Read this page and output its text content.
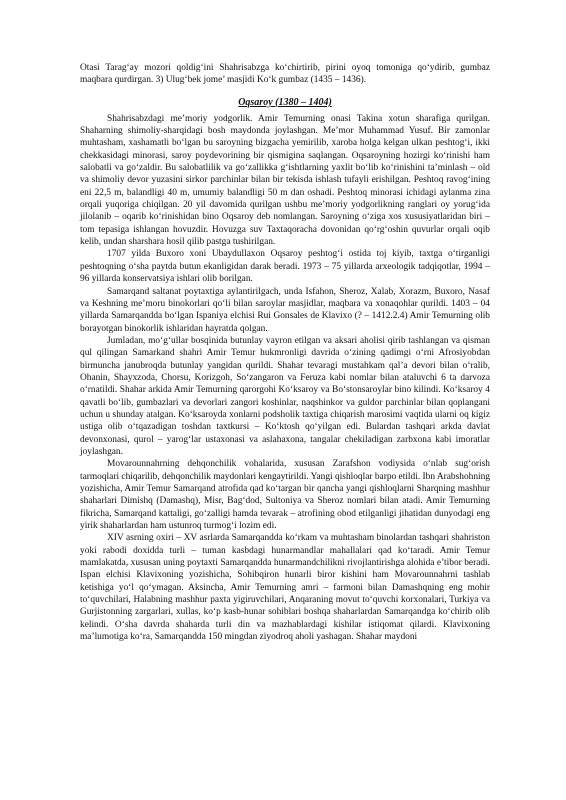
Otasi Tarag‘ay mozori qoldig‘ini Shahrisabzga ko‘chirtirib, pirini oyoq tomoniga qo‘ydirib, gumbaz maqbara qurdirgan. 3) Ulug‘bek jome’ masjidi Ko‘k gumbaz (1435 – 1436).

Oqsaroy (1380 – 1404)

Shahrisabzdagi me’moriy yodgorlik. Amir Temurning onasi Takina xotun sharafiga qurilgan. Shaharning shimoliy-sharqidagi bosh maydonda joylashgan. Me’mor Muhammad Yusuf. Bir zamonlar muhtasham, xashamatli bo‘lgan bu saroyning bizgacha yemirilib, xaroba holga kelgan ulkan peshtog‘i, ikki chekkasidagi minorasi, saroy poydevorining bir qismigina saqlangan. Oqsaroyning hozirgi ko‘rinishi ham salobatli va go‘zaldir. Bu salobatlilik va go‘zallikka g‘ishtlarning yaxlit bo‘lib ko‘rinishini ta’minlash – old va shimoliy devor yuzasini sirkor parchinlar bilan bir tekisda ishlash tufayli erishilgan. Peshtoq ravog‘ining eni 22,5 m, balandligi 40 m, umumiy balandligi 50 m dan oshadi. Peshtoq minorasi ichidagi aylanma zina orqali yuqoriga chiqilgan. 20 yil davomida qurilgan ushbu me’moriy yodgorlikning ranglari oy yorug‘ida jilolanib – oqarib ko‘rinishidan bino Oqsaroy deb nomlangan. Saroyning o‘ziga xos xususiyatlaridan biri – tom tepasiga ishlangan hovuzdir. Hovuzga suv Taxtaqoracha dovonidan qo‘rg‘oshin quvurlar orqali oqib kelib, undan sharshara hosil qilib pastga tushirilgan.

1707 yilda Buxoro xoni Ubaydullaxon Oqsaroy peshtog‘i ostida toj kiyib, taxtga o‘tirganligi peshtoqning o‘sha paytda butun ekanligidan darak beradi. 1973 – 75 yillarda arxeologik tadqiqotlar, 1994 – 96 yillarda konservatsiya ishlari olib borilgan.

Samarqand saltanat poytaxtiga aylantirilgach, unda Isfahon, Sheroz, Xalab, Xorazm, Buxoro, Nasaf va Keshning me’moru binokorlari qo‘li bilan saroylar masjidlar, maqbara va xonaqohlar qurildi. 1403 – 04 yillarda Samarqandda bo‘lgan Ispaniya elchisi Rui Gonsales de Klavixo (? – 1412.2.4) Amir Temurning olib borayotgan binokorlik ishlaridan hayratda qolgan.

Jumladan, mo‘g‘ullar bosqinida butunlay vayron etilgan va aksari aholisi qirib tashlangan va qisman qul qilingan Samarkand shahri Amir Temur hukmronligi davrida o‘zining qadimgi o‘rni Afrosiyobdan birmuncha janubroqda butunlay yangidan qurildi. Shahar tevaragi mustahkam qal’a devori bilan o‘ralib, Ohanin, Shayxzoda, Chorsu, Korizgoh, So‘zangaron va Feruza kabi nomlar bilan ataluvchi 6 ta darvoza o‘rnatildi. Shahar arkida Amir Temurning qarorgohi Ko‘ksaroy va Bo‘stonsaroylar bino kilindi. Ko‘ksaroy 4 qavatli bo‘lib, gumbazlari va devorlari zangori koshinlar, naqshinkor va guldor parchinlar bilan qoplangani uchun u shunday atalgan. Ko‘ksaroyda xonlarni podsholik taxtiga chiqarish marosimi vaqtida ularni oq kigiz ustiga olib o‘tqazadigan toshdan taxtkursi – Ko‘ktosh qo‘yilgan edi. Bulardan tashqari arkda davlat devonxonasi, qurol – yarog‘lar ustaxonasi va aslahaxona, tangalar chekiladigan zarbxona kabi imoratlar joylashgan.

Movarounnahrning dehqonchilik vohalarida, xususan Zarafshon vodiysida o‘nlab sug‘orish tarmoqlari chiqarilib, dehqonchilik maydonlari kengaytirildi. Yangi qishloqlar barpo etildi. Ibn Arabshohning yozishicha, Amir Temur Samarqand atrofida qad ko‘targan bir qancha yangi qishloqlarni Sharqning mashhur shaharlari Dimishq (Damashq), Misr, Bag‘dod, Sultoniya va Sheroz nomlari bilan atadi. Amir Temurning fikricha, Samarqand kattaligi, go‘zalligi hamda tevarak – atrofining obod etilganligi jihatidan dunyodagi eng yirik shaharlardan ham ustunroq turmog‘i lozim edi.

XIV asrning oxiri – XV asrlarda Samarqandda ko‘rkam va muhtasham binolardan tashqari shahriston yoki rabodi doxidda turli – tuman kasbdagi hunarmandlar mahallalari qad ko‘taradi. Amir Temur mamlakatda, xususan uning poytaxti Samarqandda hunarmandchilikni rivojlantirishga alohida e’tibor beradi. Ispan elchisi Klavixoning yozishicha, Sohibqiron hunarli biror kishini ham Movarounnahrni tashlab ketishiga yo‘l qo‘ymagan. Aksincha, Amir Temurning amri – farmoni bilan Damashqning eng mohir to‘quvchilari, Halabning mashhur paxta yigiruvchilari, Anqaraning movut to‘quvchi korxonalari, Turkiya va Gurjistonning zargarlari, xullas, ko‘p kasb-hunar sohiblari boshqa shaharlardan Samarqandga ko‘chirib olib kelindi. O‘sha davrda shaharda turli din va mazhablardagi kishilar istiqomat qilardi. Klavixoning ma’lumotiga ko‘ra, Samarqandda 150 mingdan ziyodroq aholi yashagan. Shahar maydoni
